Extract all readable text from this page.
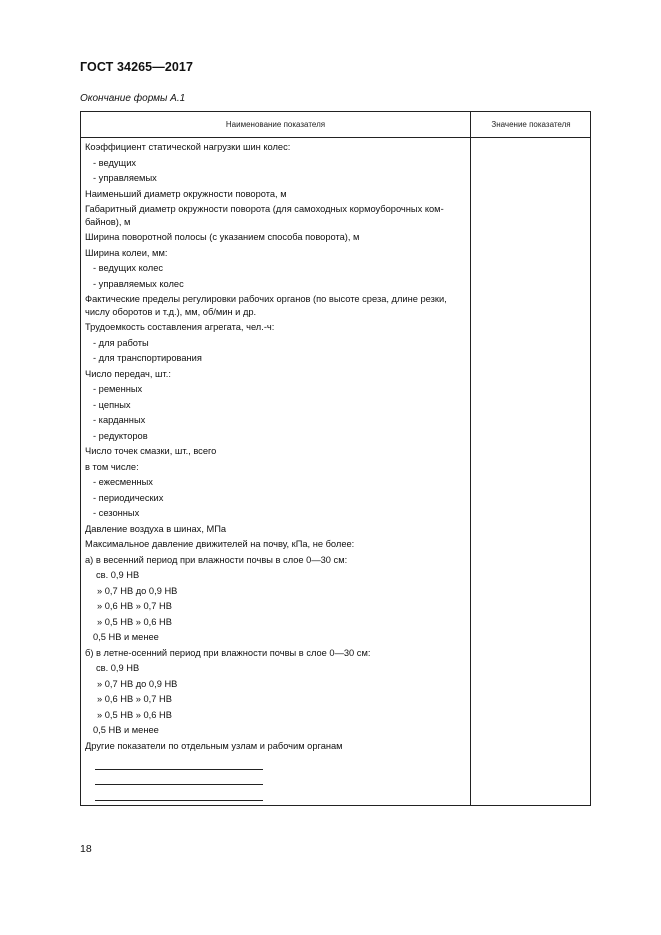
ГОСТ 34265—2017
Окончание формы А.1
Наименование показателя	Значение показателя
Коэффициент статической нагрузки шин колес:
- ведущих
- управляемых
Наименьший диаметр окружности поворота, м
Габаритный диаметр окружности поворота (для самоходных кормоуборочных комбайнов), м
Ширина поворотной полосы (с указанием способа поворота), м
Ширина колеи, мм:
- ведущих колес
- управляемых колес
Фактические пределы регулировки рабочих органов (по высоте среза, длине резки, числу оборотов и т.д.), мм, об/мин и др.
Трудоемкость составления агрегата, чел.-ч:
- для работы
- для транспортирования
Число передач, шт.:
- ременных
- цепных
- карданных
- редукторов
Число точек смазки, шт., всего
в том числе:
- ежесменных
- периодических
- сезонных
Давление воздуха в шинах, МПа
Максимальное давление движителей на почву, кПа, не более:
а) в весенний период при влажности почвы в слое 0—30 см:
св. 0,9 НВ
» 0,7 НВ до 0,9 НВ
» 0,6 НВ » 0,7 НВ
» 0,5 НВ » 0,6 НВ
0,5 НВ и менее
б) в летне-осенний период при влажности почвы в слое 0—30 см:
св. 0,9 НВ
» 0,7 НВ до 0,9 НВ
» 0,6 НВ » 0,7 НВ
» 0,5 НВ » 0,6 НВ
0,5 НВ и менее
Другие показатели по отдельным узлам и рабочим органам
18
